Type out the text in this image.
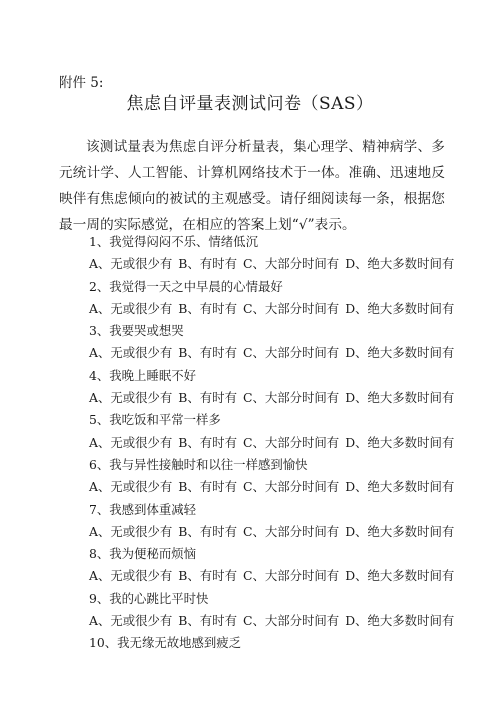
附件 5:
焦虑自评量表测试问卷（SAS）
该测试量表为焦虑自评分析量表，集心理学、精神病学、多元统计学、人工智能、计算机网络技术于一体。准确、迅速地反映伴有焦虑倾向的被试的主观感受。请仔细阅读每一条，根据您最一周的实际感觉，在相应的答案上划“√”表示。
1、我觉得闷闷不乐、情绪低沉
A、无或很少有 B、有时有 C、大部分时间有 D、绝大多数时间有
2、我觉得一天之中早晨的心情最好
A、无或很少有 B、有时有 C、大部分时间有 D、绝大多数时间有
3、我要哭或想哭
A、无或很少有 B、有时有 C、大部分时间有 D、绝大多数时间有
4、我晚上睡眠不好
A、无或很少有 B、有时有 C、大部分时间有 D、绝大多数时间有
5、我吃饭和平常一样多
A、无或很少有 B、有时有 C、大部分时间有 D、绝大多数时间有
6、我与异性接触时和以往一样感到愉快
A、无或很少有 B、有时有 C、大部分时间有 D、绝大多数时间有
7、我感到体重减轻
A、无或很少有 B、有时有 C、大部分时间有 D、绝大多数时间有
8、我为便秘而烦恼
A、无或很少有 B、有时有 C、大部分时间有 D、绝大多数时间有
9、我的心跳比平时快
A、无或很少有 B、有时有 C、大部分时间有 D、绝大多数时间有
10、我无缘无故地感到疲乏
